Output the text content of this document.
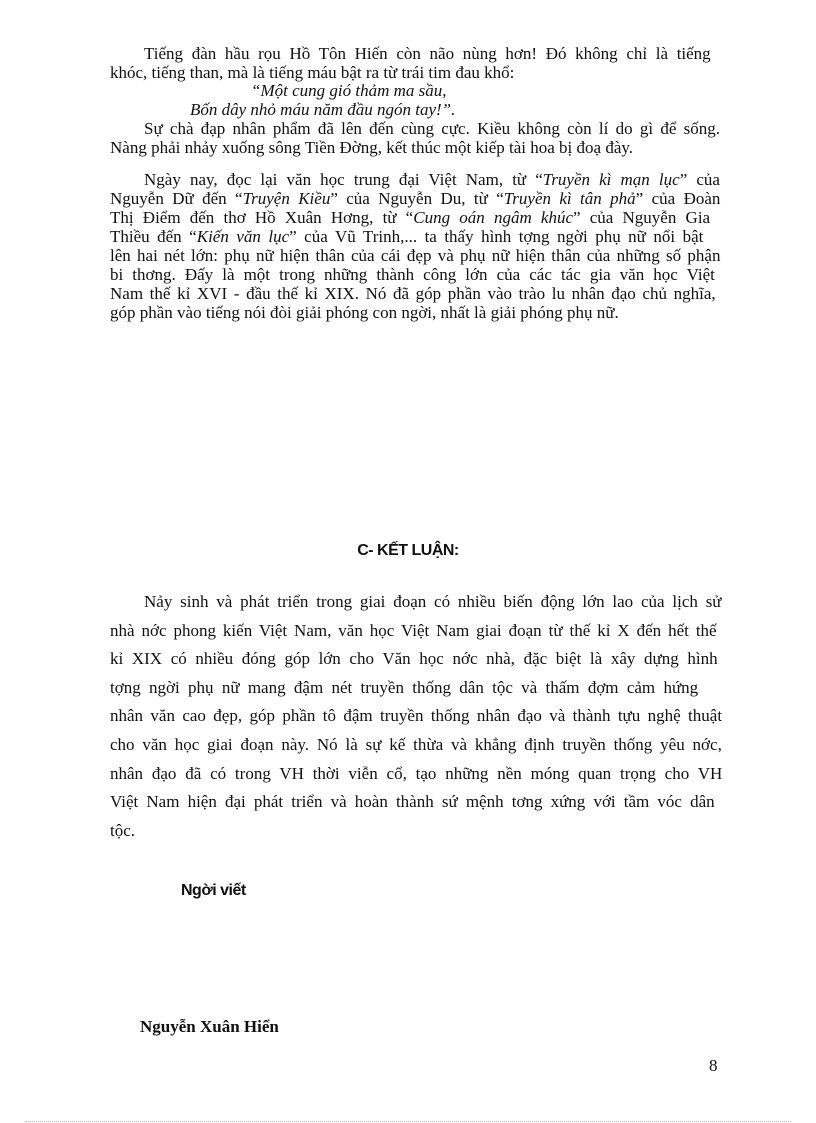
Tiếng đàn hầu rọu Hồ Tôn Hiến còn não nùng hơn! Đó không chỉ là tiếng
khóc, tiếng than, mà là tiếng máu bật ra từ trái tim đau khổ:
“Một cung gió thảm ma sầu,
Bốn dây nhỏ máu năm đầu ngón tay!”.
Sự chà đạp nhân phẩm đã lên đến cùng cực. Kiều không còn lí do gì để sống.
Nàng phải nhảy xuống sông Tiền Đờng, kết thúc một kiếp tài hoa bị đoạ đày.
Ngày nay, đọc lại văn học trung đại Việt Nam, từ “Truyền kì mạn lục” của
Nguyễn Dữ đến “Truyện Kiều” của Nguyễn Du, từ “Truyền kì tân phả” của Đoàn
Thị Điểm đến thơ Hồ Xuân Hơng, từ “Cung oán ngâm khúc” của Nguyễn Gia
Thiều đến “Kiến văn lục” của Vũ Trinh,... ta thấy hình tợng ngời phụ nữ nổi bật
lên hai nét lớn: phụ nữ hiện thân của cái đẹp và phụ nữ hiện thân của những số phận
bi thơng. Đấy là một trong những thành công lớn của các tác gia văn học Việt
Nam thế kỉ XVI - đầu thế kỉ XIX. Nó đã góp phần vào trào lu nhân đạo chủ nghĩa,
góp phần vào tiếng nói đòi giải phóng con ngời, nhất là giải phóng phụ nữ.
C- KẾT LUẬN:
Nảy sinh và phát triển trong giai đoạn có nhiều biến động lớn lao của lịch sử
nhà nớc phong kiến Việt Nam, văn học Việt Nam giai đoạn từ thế kỉ X đến hết thế
kỉ XIX có nhiều đóng góp lớn cho Văn học nớc nhà, đặc biệt là xây dựng hình
tợng ngời phụ nữ mang đậm nét truyền thống dân tộc và thấm đợm cảm hứng
nhân văn cao đẹp, góp phần tô đậm truyền thống nhân đạo và thành tựu nghệ thuật
cho văn học giai đoạn này. Nó là sự kế thừa và khẳng định truyền thống yêu nớc,
nhân đạo đã có trong VH thời viễn cổ, tạo những nền móng quan trọng cho VH
Việt Nam hiện đại phát triển và hoàn thành sứ mệnh tơng xứng với tầm vóc dân
tộc.
Ngời viết
Nguyễn Xuân Hiển
8
